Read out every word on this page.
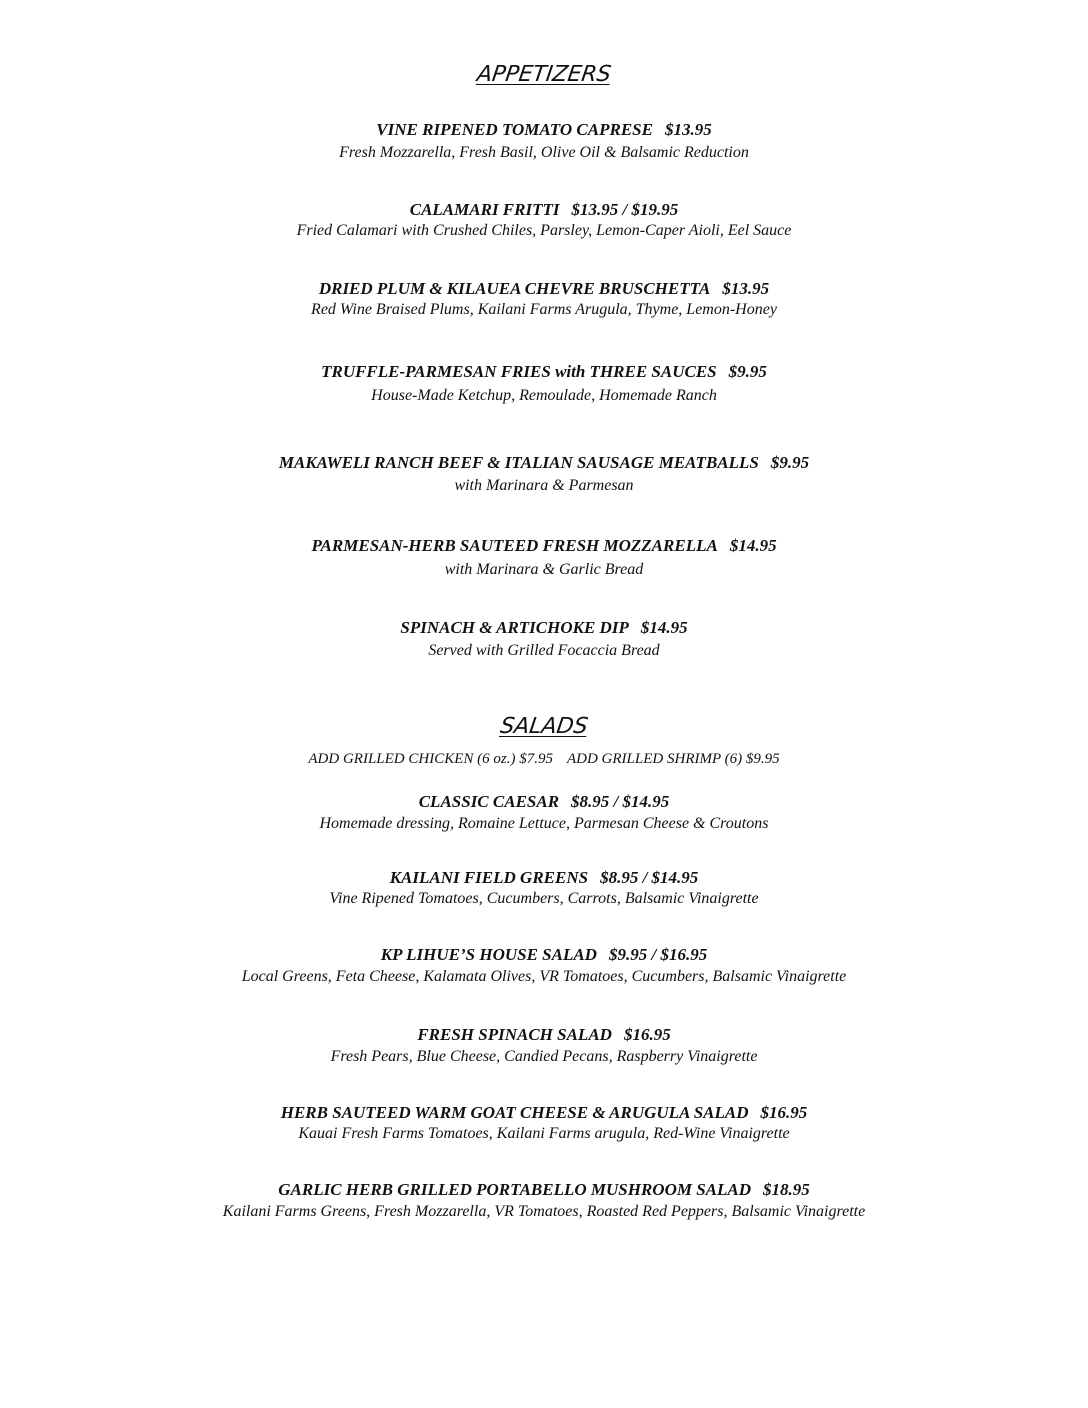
APPETIZERS
VINE RIPENED TOMATO CAPRESE $13.95
Fresh Mozzarella, Fresh Basil, Olive Oil & Balsamic Reduction
CALAMARI FRITTI $13.95 / $19.95
Fried Calamari with Crushed Chiles, Parsley, Lemon-Caper Aioli, Eel Sauce
DRIED PLUM & KILAUEA CHEVRE BRUSCHETTA $13.95
Red Wine Braised Plums, Kailani Farms Arugula, Thyme, Lemon-Honey
TRUFFLE-PARMESAN FRIES with THREE SAUCES $9.95
House-Made Ketchup, Remoulade, Homemade Ranch
MAKAWELI RANCH BEEF & ITALIAN SAUSAGE MEATBALLS $9.95
with Marinara & Parmesan
PARMESAN-HERB SAUTEED FRESH MOZZARELLA $14.95
with Marinara & Garlic Bread
SPINACH & ARTICHOKE DIP $14.95
Served with Grilled Focaccia Bread
SALADS
ADD GRILLED CHICKEN (6 oz.) $7.95 ADD GRILLED SHRIMP (6) $9.95
CLASSIC CAESAR $8.95 / $14.95
Homemade dressing, Romaine Lettuce, Parmesan Cheese & Croutons
KAILANI FIELD GREENS $8.95 / $14.95
Vine Ripened Tomatoes, Cucumbers, Carrots, Balsamic Vinaigrette
KP LIHUE’S HOUSE SALAD $9.95 / $16.95
Local Greens, Feta Cheese, Kalamata Olives, VR Tomatoes, Cucumbers, Balsamic Vinaigrette
FRESH SPINACH SALAD $16.95
Fresh Pears, Blue Cheese, Candied Pecans, Raspberry Vinaigrette
HERB SAUTEED WARM GOAT CHEESE & ARUGULA SALAD $16.95
Kauai Fresh Farms Tomatoes, Kailani Farms arugula, Red-Wine Vinaigrette
GARLIC HERB GRILLED PORTABELLO MUSHROOM SALAD $18.95
Kailani Farms Greens, Fresh Mozzarella, VR Tomatoes, Roasted Red Peppers, Balsamic Vinaigrette
